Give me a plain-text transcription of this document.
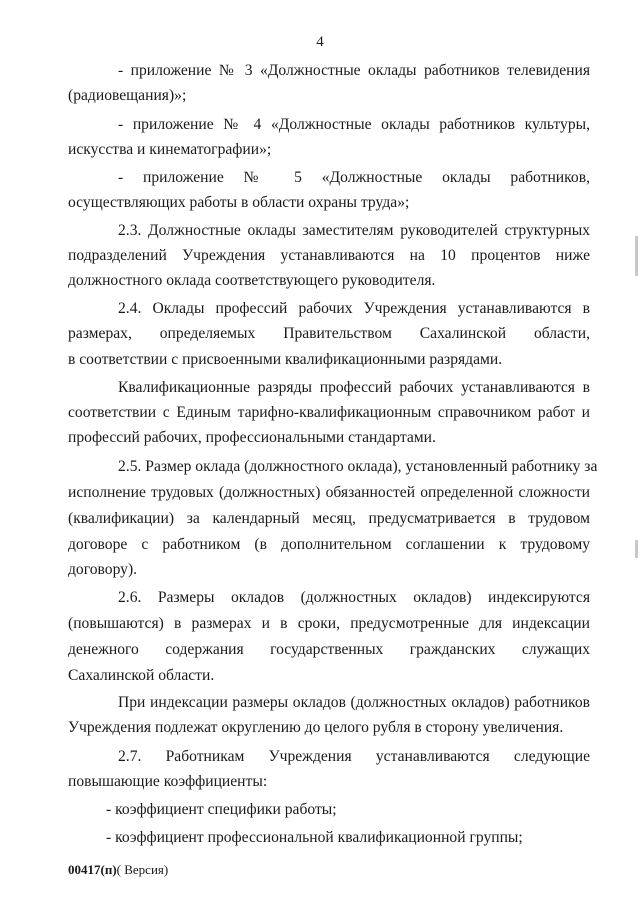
4
- приложение № 3 «Должностные оклады работников телевидения
(радиовещания)»;
- приложение № 4 «Должностные оклады работников культуры,
искусства и кинематографии»;
- приложение № 5 «Должностные оклады работников,
осуществляющих работы в области охраны труда»;
2.3. Должностные оклады заместителям руководителей структурных
подразделений Учреждения устанавливаются на 10 процентов ниже
должностного оклада соответствующего руководителя.
2.4. Оклады профессий рабочих Учреждения устанавливаются в
размерах, определяемых Правительством Сахалинской области,
в соответствии с присвоенными квалификационными разрядами.
Квалификационные разряды профессий рабочих устанавливаются в
соответствии с Единым тарифно-квалификационным справочником работ и
профессий рабочих, профессиональными стандартами.
2.5. Размер оклада (должностного оклада), установленный работнику за
исполнение трудовых (должностных) обязанностей определенной сложности
(квалификации) за календарный месяц, предусматривается в трудовом
договоре с работником (в дополнительном соглашении к трудовому
договору).
2.6. Размеры окладов (должностных окладов) индексируются
(повышаются) в размерах и в сроки, предусмотренные для индексации
денежного содержания государственных гражданских служащих
Сахалинской области.
При индексации размеры окладов (должностных окладов) работников
Учреждения подлежат округлению до целого рубля в сторону увеличения.
2.7. Работникам Учреждения устанавливаются следующие
повышающие коэффициенты:
- коэффициент специфики работы;
- коэффициент профессиональной квалификационной группы;
00417(п)( Версия)
